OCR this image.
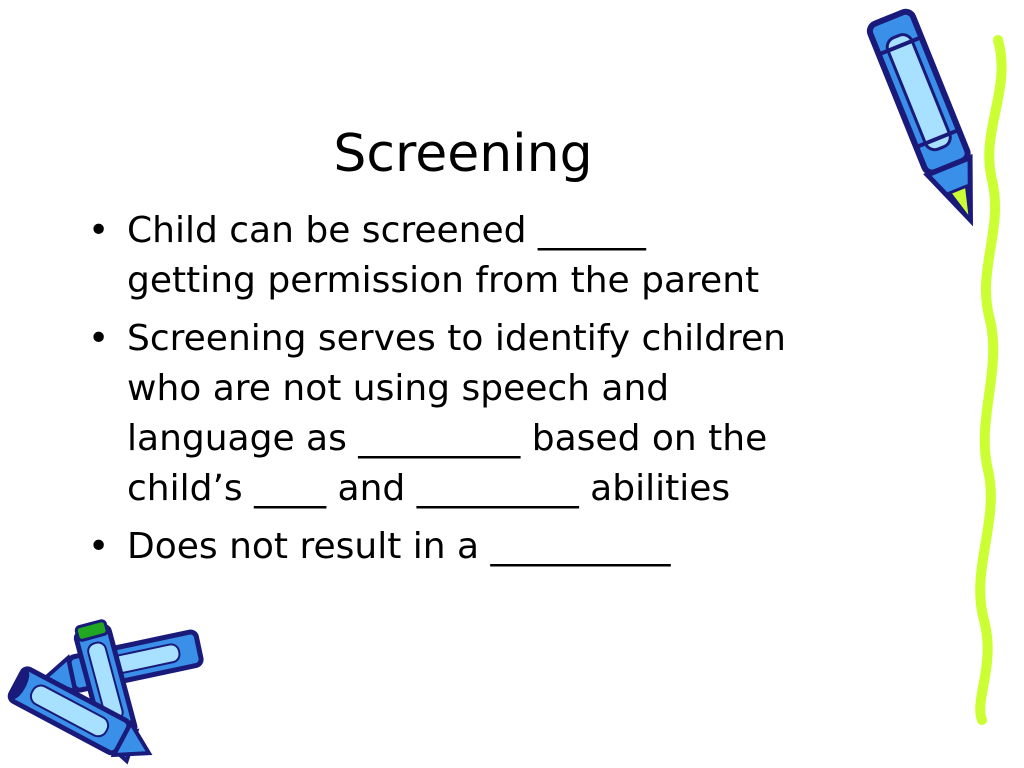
Screening
• Child can be screened ______
getting permission from the parent
• Screening serves to identify children
who are not using speech and
language as _________ based on the
child’s ____ and _________ abilities
• Does not result in a __________
